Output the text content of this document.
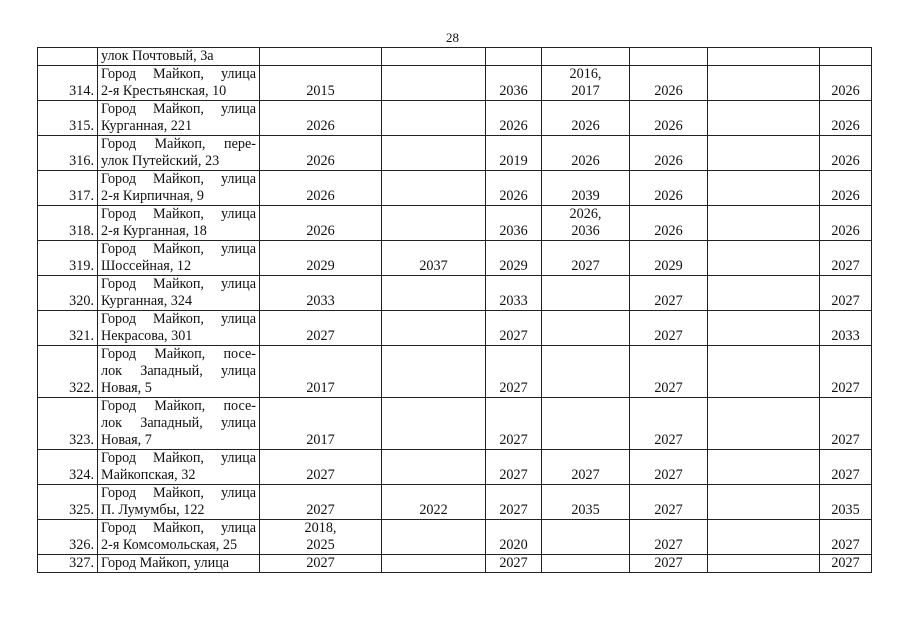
28

	улок Почтовый, 3а							

314.	Город Майкоп, улица
2-я Крестьянская, 10	2015		2036	2016,
2017	2026		2026

315.	Город Майкоп, улица
Курганная, 221	2026		2026	2026	2026		2026

316.	Город Майкоп, пере-
улок Путейский, 23	2026		2019	2026	2026		2026

317.	Город Майкоп, улица
2-я Кирпичная, 9	2026		2026	2039	2026		2026

318.	Город Майкоп, улица
2-я Курганная, 18	2026		2036	2026,
2036	2026		2026

319.	Город Майкоп, улица
Шоссейная, 12	2029	2037	2029	2027	2029		2027

320.	Город Майкоп, улица
Курганная, 324	2033		2033		2027		2027

321.	Город Майкоп, улица
Некрасова, 301	2027		2027		2027		2033

322.	Город Майкоп, посе-
лок Западный, улица
Новая, 5	2017		2027		2027		2027

323.	Город Майкоп, посе-
лок Западный, улица
Новая, 7	2017		2027		2027		2027

324.	Город Майкоп, улица
Майкопская, 32	2027		2027	2027	2027		2027

325.	Город Майкоп, улица
П. Лумумбы, 122	2027	2022	2027	2035	2027		2035

326.	Город Майкоп, улица
2-я Комсомольская, 25	2018,
2025		2020		2027		2027

327.	Город Майкоп, улица	2027		2027		2027		2027
